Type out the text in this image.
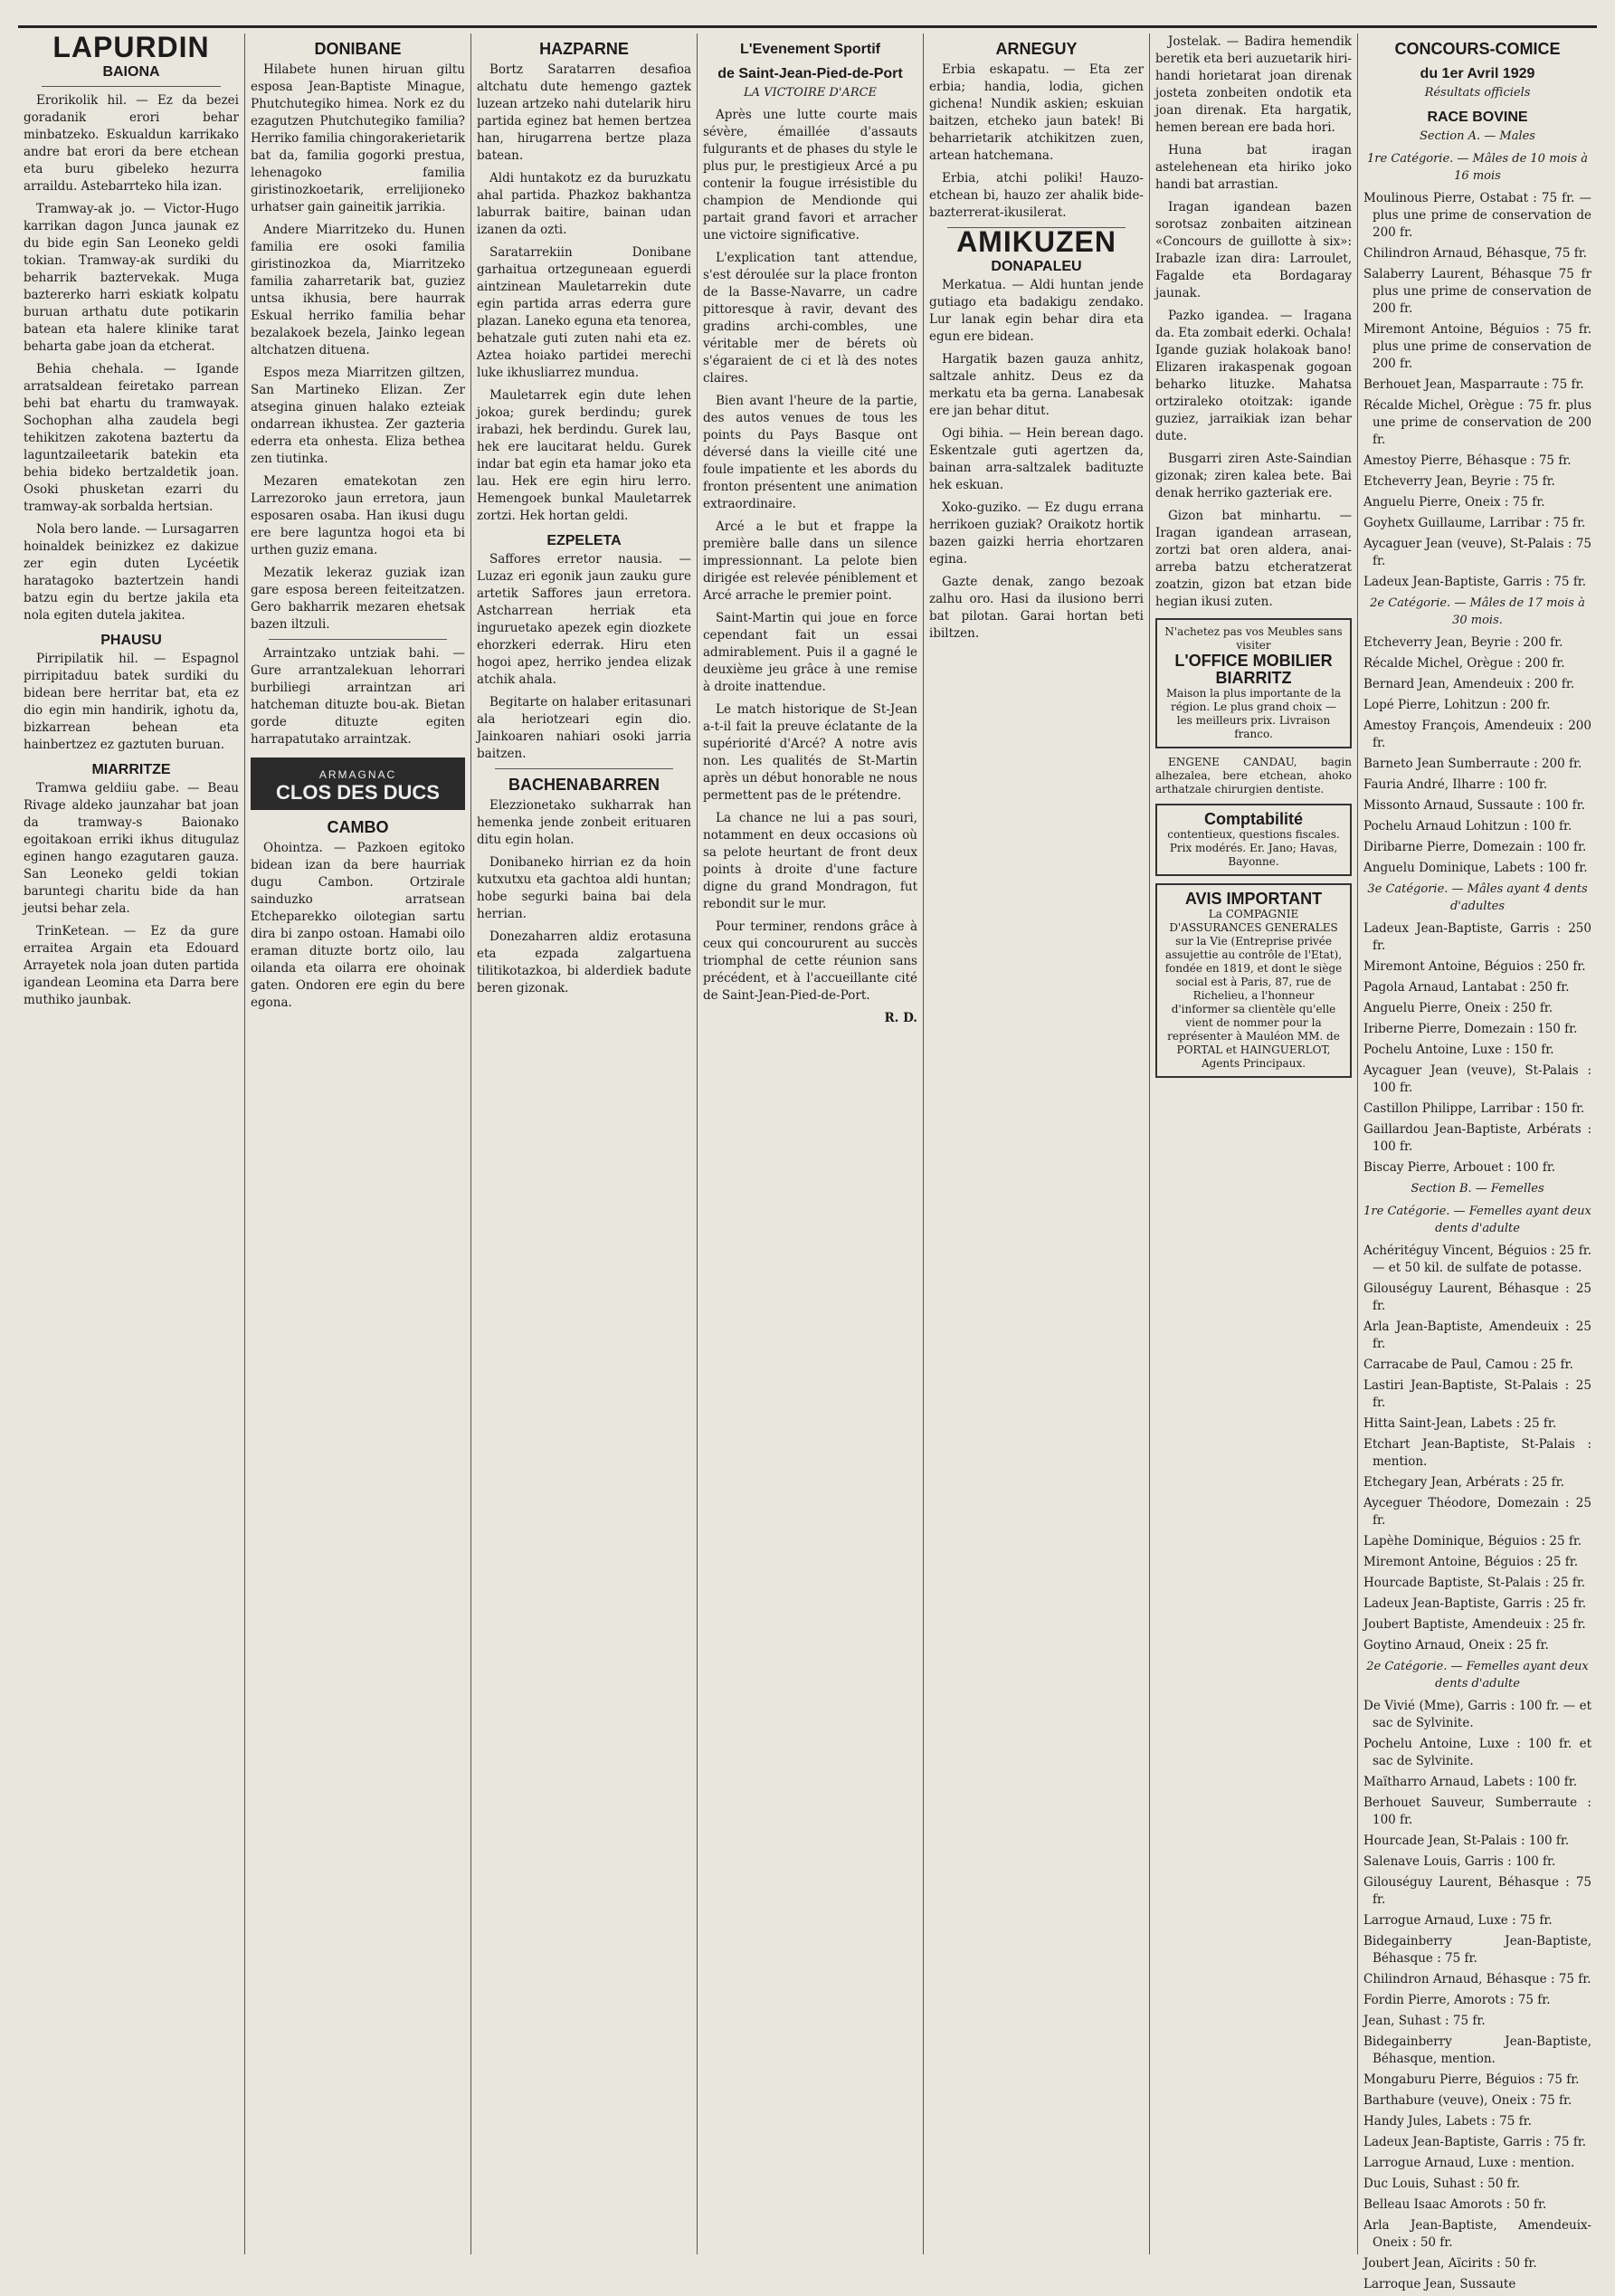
LAPURDIN
BAIONA

Erorikolik hil. — Ez da bezei goradanik erori behar minbatzeko. Eskualdun karrikako andre bat erori da bere etchean eta buru gibeleko hezurra arraildu. Astebarrteko hila izan.

Tramway-ak jo. — Victor-Hugo karrikan dagon Junca jaunak ez du bide egin San Leoneko geldi tokian. Tramway-ak surdiki du beharrik baztervekak. Muga baztererko harri eskiatk kolpatu buruan arthatu dute potikarin batean eta halere klinike tarat beharta gabe joan da etcherat.

Behia chehala. — Igande arratsaldean feiretako parrean behi bat ehartu du tramwayak. Sochophan alha zaudela begi tehikitzen zakotena baztertu da laguntzaileetarik batekin eta behia bideko bertzaldetik joan. Osoki phusketan ezarri du tramway-ak sorbalda hertsian.

Nola bero lande. — Lursagarren hoinaldek beinizkez ez dakizue zer egin duten Lycéetik haratagoko baztertzein handi batzu egin du bertze jakila eta nola egiten dutela jakitea.

PHAUSU

Pirripilatik hil. — Espagnol pirripitaduu batek surdiki du bidean bere herritar bat, eta ez dio egin min handirik, ighotu da, bizkarrean behean eta hainbertzez ez gaztuten buruan.

MIARRITZE

Tramwa geldiiu gabe. — Beau Rivage aldeko jaunzahar bat joan da tramway-s Baionako egoitakoan erriki ikhus ditugulaz eginen hango ezagutaren gauza. San Leoneko geldi tokian baruntegi charitu bide da han jeutsi behar zela.

TrinKetean. — Ez da gure erraitea Argain eta Edouard Arrayetek nola joan duten partida igandean Leomina eta Darra bere muthiko jaunbak.

DONIBANE

Hilabete hunen hiruan giltu esposa Jean-Baptiste Minague, Phutchutegiko himea. Nork ez du ezagutzen Phutchutegiko familia? Herriko familia chingorakerietarik bat da, familia gogorki prestua, lehenagoko familia giristinozkoetarik, errelijioneko urhatser gain gaineitik jarrikia.

Andere Miarritzeko du. Hunen familia ere osoki familia giristinozkoa da, Miarritzeko familia zaharretarik bat, guziez untsa ikhusia, bere haurrak Eskual herriko familia behar bezalakoek bezela, Jainko legean altchatzen dituena.

Espos meza Miarritzen giltzen, San Martineko Elizan. Zer atsegina ginuen halako ezteiak ondarrean ikhustea. Zer gazteria ederra eta onhesta. Eliza bethea zen tiutinka.

Mezaren ematekotan zen Larrezoroko jaun erretora, jaun esposaren osaba. Han ikusi dugu ere bere laguntza hogoi eta bi urthen guziz emana.

Mezatik lekeraz guziak izan gare esposa bereen feiteitzatzen. Gero bakharrik mezaren ehetsak bazen iltzuli.

Arraintzako untziak bahi. — Gure arrantzalekuan lehorrari burbiliegi arraintzan ari hatcheman dituzte bou-ak. Bietan gorde dituzte egiten harrapatutako arraintzak.

ARMAGNAC
CLOS DES DUCS
CAMBO

Ohointza. — Pazkoen egitoko bidean izan da bere haurriak dugu Cambon. Ortzirale sainduzko arratsean Etcheparekko oilotegian sartu dira bi zanpo ostoan. Hamabi oilo eraman dituzte bortz oilo, lau oilanda eta oilarra ere ohoinak gaten. Ondoren ere egin du bere egona.

HAZPARNE

Bortz Saratarren desafioa altchatu dute hemengo gaztek luzean artzeko nahi dutelarik hiru partida eginez bat hemen bertzea han, hirugarrena bertze plaza batean.

Aldi huntakotz ez da buruzkatu ahal partida. Phazkoz bakhantza laburrak baitire, bainan udan izanen da ozti.

Saratarrekiin Donibane garhaitua ortzeguneaan eguerdi aintzinean Mauletarrekin dute egin partida arras ederra gure plazan. Laneko eguna eta tenorea, behatzale guti zuten nahi eta ez. Aztea hoiako partidei merechi luke ikhusliarrez mundua.

Mauletarrek egin dute lehen jokoa; gurek berdindu; gurek irabazi, hek berdindu. Gurek lau, hek ere laucitarat heldu. Gurek indar bat egin eta hamar joko eta lau. Hek ere egin hiru lerro. Hemengoek bunkal Mauletarrek zortzi. Hek hortan geldi.

EZPELETA

Saffores erretor nausia. — Luzaz eri egonik jaun zauku gure artetik Saffores jaun erretora. Astcharrean herriak eta inguruetako apezek egin diozkete ehorzkeri ederrak. Hiru eten hogoi apez, herriko jendea elizak atchik ahala.

Begitarte on halaber eritasunari ala heriotzeari egin dio. Jainkoaren nahiari osoki jarria baitzen.

BACHENABARREN

Elezzionetako sukharrak han hemenka jende zonbeit erituaren ditu egin holan.

Donibaneko hirrian ez da hoin kutxutxu eta gachtoa aldi huntan; hobe segurki baina bai dela herrian.

Donezaharren aldiz erotasuna eta ezpada zalgartuena tilitikotazkoa, bi alderdiek badute beren gizonak.

L'Evenement Sportif
de Saint-Jean-Pied-de-Port
LA VICTOIRE D'ARCE

Après une lutte courte mais sévère, émaillée d'assauts fulgurants et de phases du style le plus pur, le prestigieux Arcé a pu contenir la fougue irrésistible du champion de Mendionde qui partait grand favori et arracher une victoire significative.

L'explication tant attendue, s'est déroulée sur la place fronton de la Basse-Navarre, un cadre pittoresque à ravir, devant des gradins archi-combles, une véritable mer de bérets où s'égaraient de ci et là des notes claires.

Bien avant l'heure de la partie, des autos venues de tous les points du Pays Basque ont déversé dans la vieille cité une foule impatiente et les abords du fronton présentent une animation extraordinaire.

Arcé a le but et frappe la première balle dans un silence impressionnant. La pelote bien dirigée est relevée péniblement et Arcé arrache le premier point.

Saint-Martin qui joue en force cependant fait un essai admirablement. Puis il a gagné le deuxième jeu grâce à une remise à droite inattendue.

Le match historique de St-Jean a-t-il fait la preuve éclatante de la supériorité d'Arcé? A notre avis non. Les qualités de St-Martin après un début honorable ne nous permettent pas de le prétendre.

La chance ne lui a pas souri, notamment en deux occasions où sa pelote heurtant de front deux points à droite d'une facture digne du grand Mondragon, fut rebondit sur le mur.

Pour terminer, rendons grâce à ceux qui concoururent au succès triomphal de cette réunion sans précédent, et à l'accueillante cité de Saint-Jean-Pied-de-Port.

R. D.
ARNEGUY

Erbia eskapatu. — Eta zer erbia; handia, lodia, gichen gichena! Nundik askien; eskuian baitzen, etcheko jaun batek! Bi beharrietarik atchikitzen zuen, artean hatchemana.

Erbia, atchi poliki! Hauzo-etchean bi, hauzo zer ahalik bide-bazterrerat-ikusilerat.

AMIKUZEN
DONAPALEU

Merkatua. — Aldi huntan jende gutiago eta badakigu zendako. Lur lanak egin behar dira eta egun ere bidean.

Hargatik bazen gauza anhitz, saltzale anhitz. Deus ez da merkatu eta ba gerna. Lanabesak ere jan behar ditut.

Ogi bihia. — Hein berean dago. Eskentzale guti agertzen da, bainan arra-saltzalek badituzte hek eskuan.

Xoko-guziko. — Ez dugu errana herrikoen guziak? Oraikotz hortik bazen gaizki herria ehortzaren egina.

Gazte denak, zango bezoak zalhu oro. Hasi da ilusiono berri bat pilotan. Garai hortan beti ibiltzen.

Jostelak. — Badira hemendik beretik eta beri auzuetarik hiri-handi horietarat joan direnak josteta zonbeiten ondotik eta joan direnak. Eta hargatik, hemen berean ere bada hori.

Huna bat iragan astelehenean eta hiriko joko handi bat arrastian.

Iragan igandean bazen sorotsaz zonbaiten aitzinean «Concours de guillotte à six»: Irabazle izan dira: Larroulet, Fagalde eta Bordagaray jaunak.

Pazko igandea. — Iragana da. Eta zombait ederki. Ochala! Igande guziak holakoak bano! Elizaren irakaspenak gogoan beharko lituzke. Mahatsa ortziraleko otoitzak: igande guziez, jarraikiak izan behar dute.

Busgarri ziren Aste-Saindian gizonak; ziren kalea bete. Bai denak herriko gazteriak ere.

Gizon bat minhartu. — Iragan igandean arrasean, zortzi bat oren aldera, anai-arreba batzu etcheratzerat zoatzin, gizon bat etzan bide hegian ikusi zuten.

N'achetez pas vos Meubles sans visiter
L'OFFICE MOBILIER BIARRITZ
Maison la plus importante de la région. Le plus grand choix — les meilleurs prix. Livraison franco.

ENGENE CANDAU, bagin alhezalea, bere etchean, ahoko arthatzale chirurgien dentiste.

Comptabilité
contentieux, questions fiscales. Prix modérés. Er. Jano; Havas, Bayonne.
AVIS IMPORTANT
La COMPAGNIE D'ASSURANCES GENERALES sur la Vie (Entreprise privée assujettie au contrôle de l'Etat), fondée en 1819, et dont le siège social est à Paris, 87, rue de Richelieu, a l'honneur d'informer sa clientèle qu'elle vient de nommer pour la représenter à Mauléon MM. de PORTAL et HAINGUERLOT, Agents Principaux.
CONCOURS-COMICE
du 1er Avril 1929
Résultats officiels
RACE BOVINE
Section A. — Males
1re Catégorie. — Mâles de 10 mois à 16 mois
Moulinous Pierre, Ostabat : 75 fr. — plus une prime de conservation de 200 fr.
Chilindron Arnaud, Béhasque, 75 fr.
Salaberry Laurent, Béhasque 75 fr plus une prime de conservation de 200 fr.
Miremont Antoine, Béguios : 75 fr. plus une prime de conservation de 200 fr.
Berhouet Jean, Masparraute : 75 fr.
Récalde Michel, Orègue : 75 fr. plus une prime de conservation de 200 fr.
Amestoy Pierre, Béhasque : 75 fr.
Etcheverry Jean, Beyrie : 75 fr.
Anguelu Pierre, Oneix : 75 fr.
Goyhetx Guillaume, Larribar : 75 fr.
Aycaguer Jean (veuve), St-Palais : 75 fr.
Ladeux Jean-Baptiste, Garris : 75 fr.
2e Catégorie. — Mâles de 17 mois à 30 mois.
Etcheverry Jean, Beyrie : 200 fr.
Récalde Michel, Orègue : 200 fr.
Bernard Jean, Amendeuix : 200 fr.
Lopé Pierre, Lohitzun : 200 fr.
Amestoy François, Amendeuix : 200 fr.
Barneto Jean Sumberraute : 200 fr.
Fauria André, Ilharre : 100 fr.
Missonto Arnaud, Sussaute : 100 fr.
Pochelu Arnaud Lohitzun : 100 fr.
Diribarne Pierre, Domezain : 100 fr.
Anguelu Dominique, Labets : 100 fr.
3e Catégorie. — Mâles ayant 4 dents d'adultes
Ladeux Jean-Baptiste, Garris : 250 fr.
Miremont Antoine, Béguios : 250 fr.
Pagola Arnaud, Lantabat : 250 fr.
Anguelu Pierre, Oneix : 250 fr.
Iriberne Pierre, Domezain : 150 fr.
Pochelu Antoine, Luxe : 150 fr.
Aycaguer Jean (veuve), St-Palais : 100 fr.
Castillon Philippe, Larribar : 150 fr.
Gaillardou Jean-Baptiste, Arbérats : 100 fr.
Biscay Pierre, Arbouet : 100 fr.
Section B. — Femelles
1re Catégorie. — Femelles ayant deux dents d'adulte
Achéritéguy Vincent, Béguios : 25 fr. — et 50 kil. de sulfate de potasse.
Gilouséguy Laurent, Béhasque : 25 fr.
Arla Jean-Baptiste, Amendeuix : 25 fr.
Carracabe de Paul, Camou : 25 fr.
Lastiri Jean-Baptiste, St-Palais : 25 fr.
Hitta Saint-Jean, Labets : 25 fr.
Etchart Jean-Baptiste, St-Palais : mention.
Etchegary Jean, Arbérats : 25 fr.
Ayceguer Théodore, Domezain : 25 fr.
Lapèhe Dominique, Béguios : 25 fr.
Miremont Antoine, Béguios : 25 fr.
Hourcade Baptiste, St-Palais : 25 fr.
Ladeux Jean-Baptiste, Garris : 25 fr.
Joubert Baptiste, Amendeuix : 25 fr.
Goytino Arnaud, Oneix : 25 fr.
2e Catégorie. — Femelles ayant deux dents d'adulte
De Vivié (Mme), Garris : 100 fr. — et sac de Sylvinite.
Pochelu Antoine, Luxe : 100 fr. et sac de Sylvinite.
Maïtharro Arnaud, Labets : 100 fr.
Berhouet Sauveur, Sumberraute : 100 fr.
Hourcade Jean, St-Palais : 100 fr.
Salenave Louis, Garris : 100 fr.
Gilouséguy Laurent, Béhasque : 75 fr.
Larrogue Arnaud, Luxe : 75 fr.
Bidegainberry Jean-Baptiste, Béhasque : 75 fr.
Chilindron Arnaud, Béhasque : 75 fr.
Fordin Pierre, Amorots : 75 fr.
Jean, Suhast : 75 fr.
Bidegainberry Jean-Baptiste, Béhasque, mention.
Mongaburu Pierre, Béguios : 75 fr.
Barthabure (veuve), Oneix : 75 fr.
Handy Jules, Labets : 75 fr.
Ladeux Jean-Baptiste, Garris : 75 fr.
Larrogue Arnaud, Luxe : mention.
Duc Louis, Suhast : 50 fr.
Belleau Isaac Amorots : 50 fr.
Arla Jean-Baptiste, Amendeuix-Oneix : 50 fr.
Joubert Jean, Aïcirits : 50 fr.
Larroque Jean, Sussaute
